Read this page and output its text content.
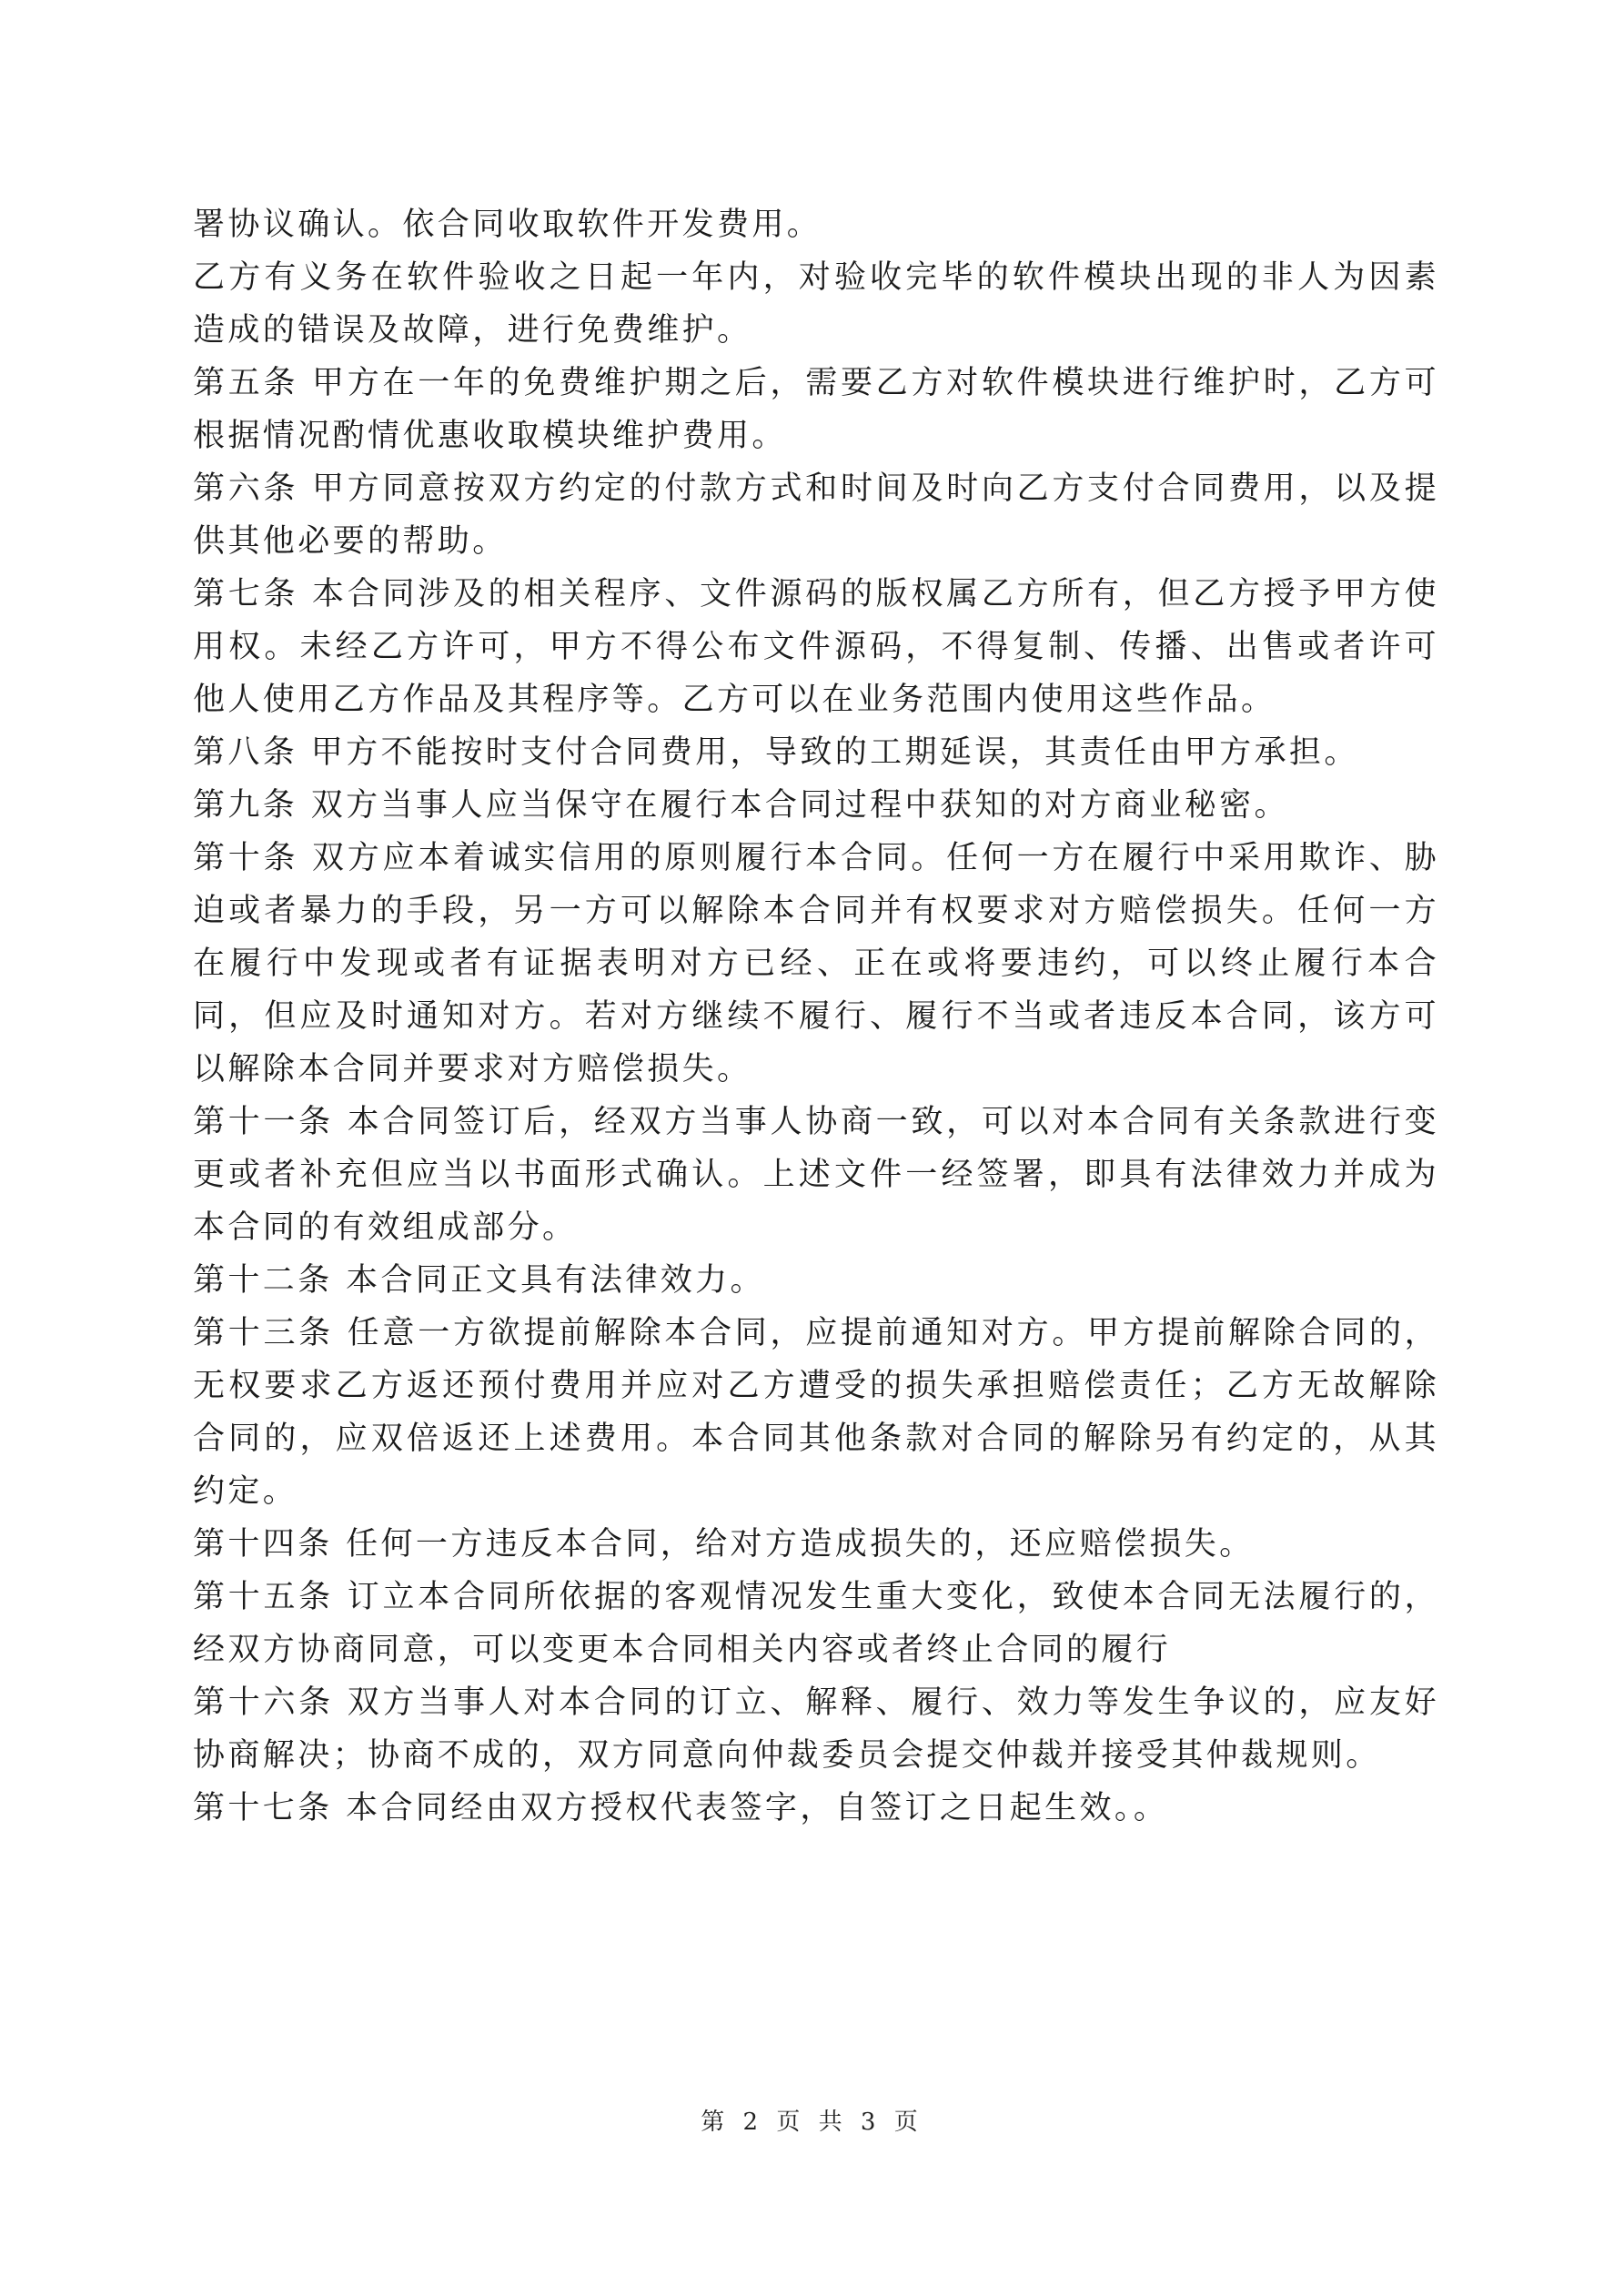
署协议确认。依合同收取软件开发费用。

乙方有义务在软件验收之日起一年内，对验收完毕的软件模块出现的非人为因素造成的错误及故障，进行免费维护。

第五条 甲方在一年的免费维护期之后，需要乙方对软件模块进行维护时，乙方可根据情况酌情优惠收取模块维护费用。

第六条 甲方同意按双方约定的付款方式和时间及时向乙方支付合同费用，以及提供其他必要的帮助。

第七条 本合同涉及的相关程序、文件源码的版权属乙方所有，但乙方授予甲方使用权。未经乙方许可，甲方不得公布文件源码，不得复制、传播、出售或者许可他人使用乙方作品及其程序等。乙方可以在业务范围内使用这些作品。

第八条 甲方不能按时支付合同费用，导致的工期延误，其责任由甲方承担。

第九条 双方当事人应当保守在履行本合同过程中获知的对方商业秘密。

第十条 双方应本着诚实信用的原则履行本合同。任何一方在履行中采用欺诈、胁迫或者暴力的手段，另一方可以解除本合同并有权要求对方赔偿损失。任何一方在履行中发现或者有证据表明对方已经、正在或将要违约，可以终止履行本合同，但应及时通知对方。若对方继续不履行、履行不当或者违反本合同，该方可以解除本合同并要求对方赔偿损失。

第十一条 本合同签订后，经双方当事人协商一致，可以对本合同有关条款进行变更或者补充但应当以书面形式确认。上述文件一经签署，即具有法律效力并成为本合同的有效组成部分。

第十二条 本合同正文具有法律效力。

第十三条 任意一方欲提前解除本合同，应提前通知对方。甲方提前解除合同的，无权要求乙方返还预付费用并应对乙方遭受的损失承担赔偿责任；乙方无故解除合同的，应双倍返还上述费用。本合同其他条款对合同的解除另有约定的，从其约定。

第十四条 任何一方违反本合同，给对方造成损失的，还应赔偿损失。

第十五条 订立本合同所依据的客观情况发生重大变化，致使本合同无法履行的，经双方协商同意，可以变更本合同相关内容或者终止合同的履行

第十六条 双方当事人对本合同的订立、解释、履行、效力等发生争议的，应友好协商解决；协商不成的，双方同意向仲裁委员会提交仲裁并接受其仲裁规则。

第十七条 本合同经由双方授权代表签字，自签订之日起生效。。

第 2 页 共 3 页
